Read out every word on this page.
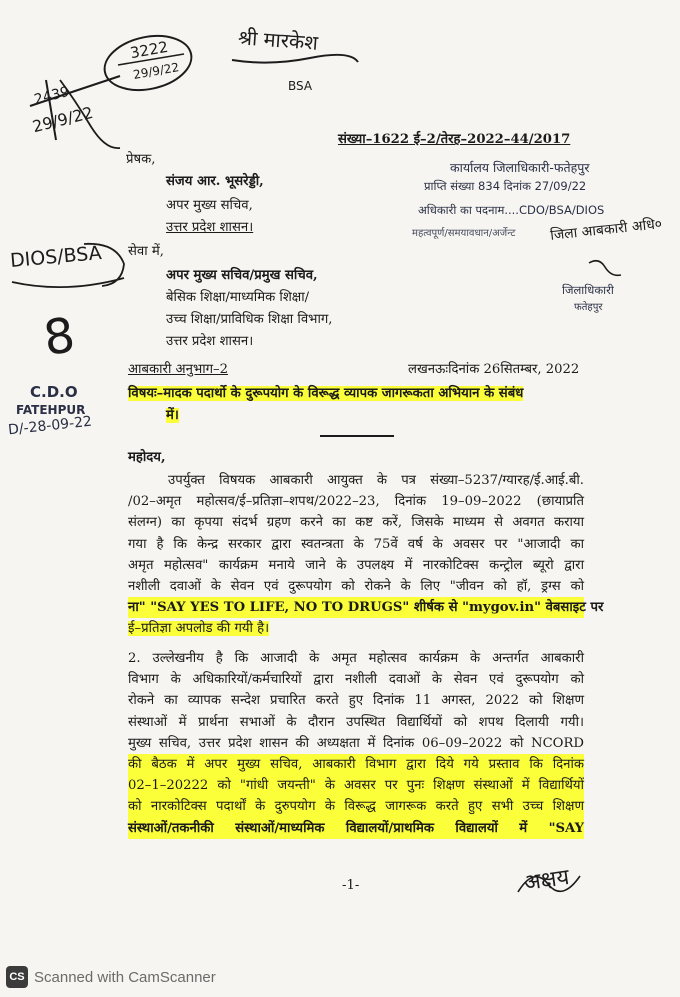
श्री मारकेश
BSA
3222
29/9/22
2439
29/9/22
संख्या–1622 ई–2/तेरह–2022–44/2017
प्रेषक,
संजय आर. भूसरेड्डी,
अपर मुख्य सचिव,
उत्तर प्रदेश शासन।
कार्यालय जिलाधिकारी-फतेहपुर
प्राप्ति संख्या 834 दिनांक 27/09/22
अधिकारी का पदनाम....CDO/BSA/DIOS
महत्वपूर्ण/समयावधान/अर्जेन्ट जिला आबकारी अधि०
जिलाधिकारी
फतेहपुर
DIOS/BSA सेवा में,
अपर मुख्य सचिव/प्रमुख सचिव,
बेसिक शिक्षा/माध्यमिक शिक्षा/
उच्च शिक्षा/प्राविधिक शिक्षा विभाग,
उत्तर प्रदेश शासन।
8
आबकारी अनुभाग–2	लखनऊःदिनांक 26सितम्बर, 2022
C.D.O
FATEHPUR
D/-28-09-22
विषयः–मादक पदार्थो के दुरूपयोग के विरूद्ध व्यापक जागरूकता अभियान के संबंध
में।
महोदय,
उपर्युक्त विषयक आबकारी आयुक्त के पत्र संख्या–5237/ग्यारह/ई.आई.बी.
/02–अमृत महोत्सव/ई–प्रतिज्ञा–शपथ/2022–23, दिनांक 19–09–2022 (छायाप्रति
संलग्न) का कृपया संदर्भ ग्रहण करने का कष्ट करें, जिसके माध्यम से अवगत कराया
गया है कि केन्द्र सरकार द्वारा स्वतन्त्रता के 75वें वर्ष के अवसर पर "आजादी का
अमृत महोत्सव" कार्यक्रम मनाये जाने के उपलक्ष्य में नारकोटिक्स कन्ट्रोल ब्यूरो द्वारा
नशीली दवाओं के सेवन एवं दुरूपयोग को रोकने के लिए "जीवन को हॉ, ड्रग्स को
ना" "SAY YES TO LIFE, NO TO DRUGS" शीर्षक से "mygov.in" वेबसाइट पर
ई–प्रतिज्ञा अपलोड की गयी है।
2. उल्लेखनीय है कि आजादी के अमृत महोत्सव कार्यक्रम के अन्तर्गत आबकारी
विभाग के अधिकारियों/कर्मचारियों द्वारा नशीली दवाओं के सेवन एवं दुरूपयोग को
रोकने का व्यापक सन्देश प्रचारित करते हुए दिनांक 11 अगस्त, 2022 को शिक्षण
संस्थाओं में प्रार्थना सभाओं के दौरान उपस्थित विद्यार्थियों को शपथ दिलायी गयी।
मुख्य सचिव, उत्तर प्रदेश शासन की अध्यक्षता में दिनांक 06–09–2022 को NCORD
की बैठक में अपर मुख्य सचिव, आबकारी विभाग द्वारा दिये गये प्रस्ताव कि दिनांक
02–1–20222 को "गांधी जयन्ती" के अवसर पर पुनः शिक्षण संस्थाओं में विद्यार्थियों
को नारकोटिक्स पदार्थों के दुरुपयोग के विरूद्ध जागरूक करते हुए सभी उच्च शिक्षण
संस्थाओं/तकनीकी संस्थाओं/माध्यमिक विद्यालयों/प्राथमिक विद्यालयों में "SAY
-1-	अक्षय
CS Scanned with CamScanner
